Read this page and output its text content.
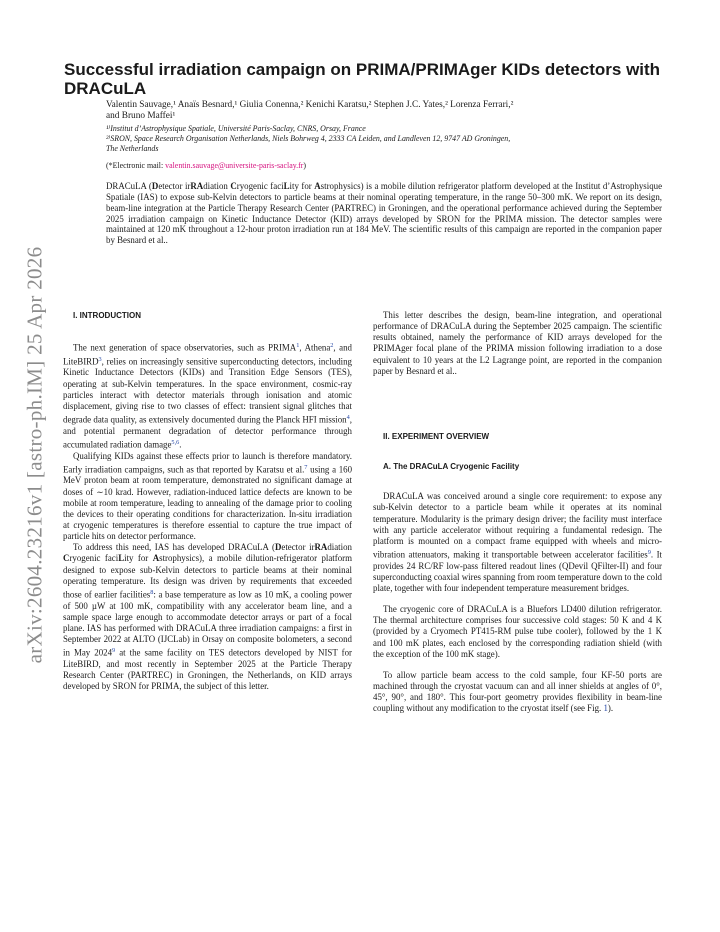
arXiv:2604.23216v1 [astro-ph.IM] 25 Apr 2026
Successful irradiation campaign on PRIMA/PRIMAger KIDs detectors with DRACuLA

Valentin Sauvage,¹ Anaïs Besnard,¹ Giulia Conenna,² Kenichi Karatsu,² Stephen J.C. Yates,² Lorenza Ferrari,²
and Bruno Maffei¹

¹⁾Institut d’Astrophysique Spatiale, Université Paris-Saclay, CNRS, Orsay, France
²⁾SRON, Space Research Organisation Netherlands, Niels Bohrweg 4, 2333 CA Leiden, and Landleven 12, 9747 AD Groningen,
The Netherlands

(*Electronic mail: valentin.sauvage@universite-paris-saclay.fr)

DRACuLA (Detector irRAdiation Cryogenic faciLity for Astrophysics) is a mobile dilution refrigerator platform developed at the Institut d’Astrophysique Spatiale (IAS) to expose sub-Kelvin detectors to particle beams at their nominal operating temperature, in the range 50–300 mK. We report on its design, beam-line integration at the Particle Therapy Research Center (PARTREC) in Groningen, and the operational performance achieved during the September 2025 irradiation campaign on Kinetic Inductance Detector (KID) arrays developed by SRON for the PRIMA mission. The detector samples were maintained at 120 mK throughout a 12-hour proton irradiation run at 184 MeV. The scientific results of this campaign are reported in the companion paper by Besnard et al..

I. INTRODUCTION

The next generation of space observatories, such as PRIMA$^1$, Athena$^2$, and LiteBIRD$^3$, relies on increasingly sensitive superconducting detectors, including Kinetic Inductance Detectors (KIDs) and Transition Edge Sensors (TES), operating at sub-Kelvin temperatures. In the space environment, cosmic-ray particles interact with detector materials through ionisation and atomic displacement, giving rise to two classes of effect: transient signal glitches that degrade data quality, as extensively documented during the Planck HFI mission$^4$, and potential permanent degradation of detector performance through accumulated radiation damage$^{5,6}$.

Qualifying KIDs against these effects prior to launch is therefore mandatory. Early irradiation campaigns, such as that reported by Karatsu et al.$^7$ using a 160 MeV proton beam at room temperature, demonstrated no significant damage at doses of ∼10 krad. However, radiation-induced lattice defects are known to be mobile at room temperature, leading to annealing of the damage prior to cooling the devices to their operating conditions for characterization. In-situ irradiation at cryogenic temperatures is therefore essential to capture the true impact of particle hits on detector performance.

To address this need, IAS has developed DRACuLA (Detector irRAdiation Cryogenic faciLity for Astrophysics), a mobile dilution-refrigerator platform designed to expose sub-Kelvin detectors to particle beams at their nominal operating temperature. Its design was driven by requirements that exceeded those of earlier facilities$^8$: a base temperature as low as 10 mK, a cooling power of 500 µW at 100 mK, compatibility with any accelerator beam line, and a sample space large enough to accommodate detector arrays or part of a focal plane. IAS has performed with DRACuLA three irradiation campaigns: a first in September 2022 at ALTO (IJCLab) in Orsay on composite bolometers, a second in May 2024$^9$ at the same facility on TES detectors developed by NIST for LiteBIRD, and most recently in September 2025 at the Particle Therapy Research Center (PARTREC) in Groningen, the Netherlands, on KID arrays developed by SRON for PRIMA, the subject of this letter.

This letter describes the design, beam-line integration, and operational performance of DRACuLA during the September 2025 campaign. The scientific results obtained, namely the performance of KID arrays developed for the PRIMAger focal plane of the PRIMA mission following irradiation to a dose equivalent to 10 years at the L2 Lagrange point, are reported in the companion paper by Besnard et al..

II. EXPERIMENT OVERVIEW

A. The DRACuLA Cryogenic Facility

DRACuLA was conceived around a single core requirement: to expose any sub-Kelvin detector to a particle beam while it operates at its nominal temperature. Modularity is the primary design driver; the facility must interface with any particle accelerator without requiring a fundamental redesign. The platform is mounted on a compact frame equipped with wheels and micro-vibration attenuators, making it transportable between accelerator facilities$^9$. It provides 24 RC/RF low-pass filtered readout lines (QDevil QFilter-II) and four superconducting coaxial wires spanning from room temperature down to the cold plate, together with four independent temperature measurement bridges.

The cryogenic core of DRACuLA is a Bluefors LD400 dilution refrigerator. The thermal architecture comprises four successive cold stages: 50 K and 4 K (provided by a Cryomech PT415-RM pulse tube cooler), followed by the 1 K and 100 mK plates, each enclosed by the corresponding radiation shield (with the exception of the 100 mK stage).

To allow particle beam access to the cold sample, four KF-50 ports are machined through the cryostat vacuum can and all inner shields at angles of 0°, 45°, 90°, and 180°. This four-port geometry provides flexibility in beam-line coupling without any modification to the cryostat itself (see Fig. 1).
